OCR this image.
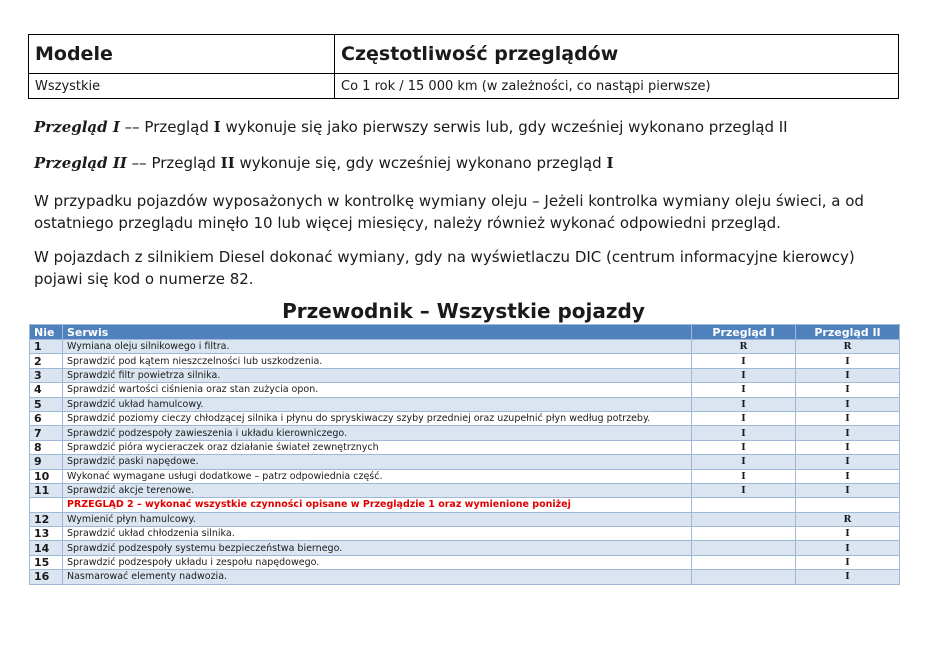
Modele	Częstotliwość przeglądów
Wszystkie	Co 1 rok / 15 000 km (w zależności, co nastąpi pierwsze)

Przegląd I –– Przegląd I wykonuje się jako pierwszy serwis lub, gdy wcześniej wykonano przegląd II

Przegląd II –– Przegląd II wykonuje się, gdy wcześniej wykonano przegląd I

W przypadku pojazdów wyposażonych w kontrolkę wymiany oleju – Jeżeli kontrolka wymiany oleju świeci, a od ostatniego przeglądu minęło 10 lub więcej miesięcy, należy również wykonać odpowiedni przegląd.

W pojazdach z silnikiem Diesel dokonać wymiany, gdy na wyświetlaczu DIC (centrum informacyjne kierowcy) pojawi się kod o numerze 82.

Przewodnik – Wszystkie pojazdy
Nie	Serwis	Przegląd I	Przegląd II
1	Wymiana oleju silnikowego i filtra.	R	R
2	Sprawdzić pod kątem nieszczelności lub uszkodzenia.	I	I
3	Sprawdzić filtr powietrza silnika.	I	I
4	Sprawdzić wartości ciśnienia oraz stan zużycia opon.	I	I
5	Sprawdzić układ hamulcowy.	I	I
6	Sprawdzić poziomy cieczy chłodzącej silnika i płynu do spryskiwaczy szyby przedniej oraz uzupełnić płyn według potrzeby.	I	I
7	Sprawdzić podzespoły zawieszenia i układu kierowniczego.	I	I
8	Sprawdzić pióra wycieraczek oraz działanie świateł zewnętrznych	I	I
9	Sprawdzić paski napędowe.	I	I
10	Wykonać wymagane usługi dodatkowe – patrz odpowiednia część.	I	I
11	Sprawdzić akcje terenowe.	I	I
	PRZEGLĄD 2 – wykonać wszystkie czynności opisane w Przeglądzie 1 oraz wymienione poniżej		
12	Wymienić płyn hamulcowy.		R
13	Sprawdzić układ chłodzenia silnika.		I
14	Sprawdzić podzespoły systemu bezpieczeństwa biernego.		I
15	Sprawdzić podzespoły układu i zespołu napędowego.		I
16	Nasmarować elementy nadwozia.		I
